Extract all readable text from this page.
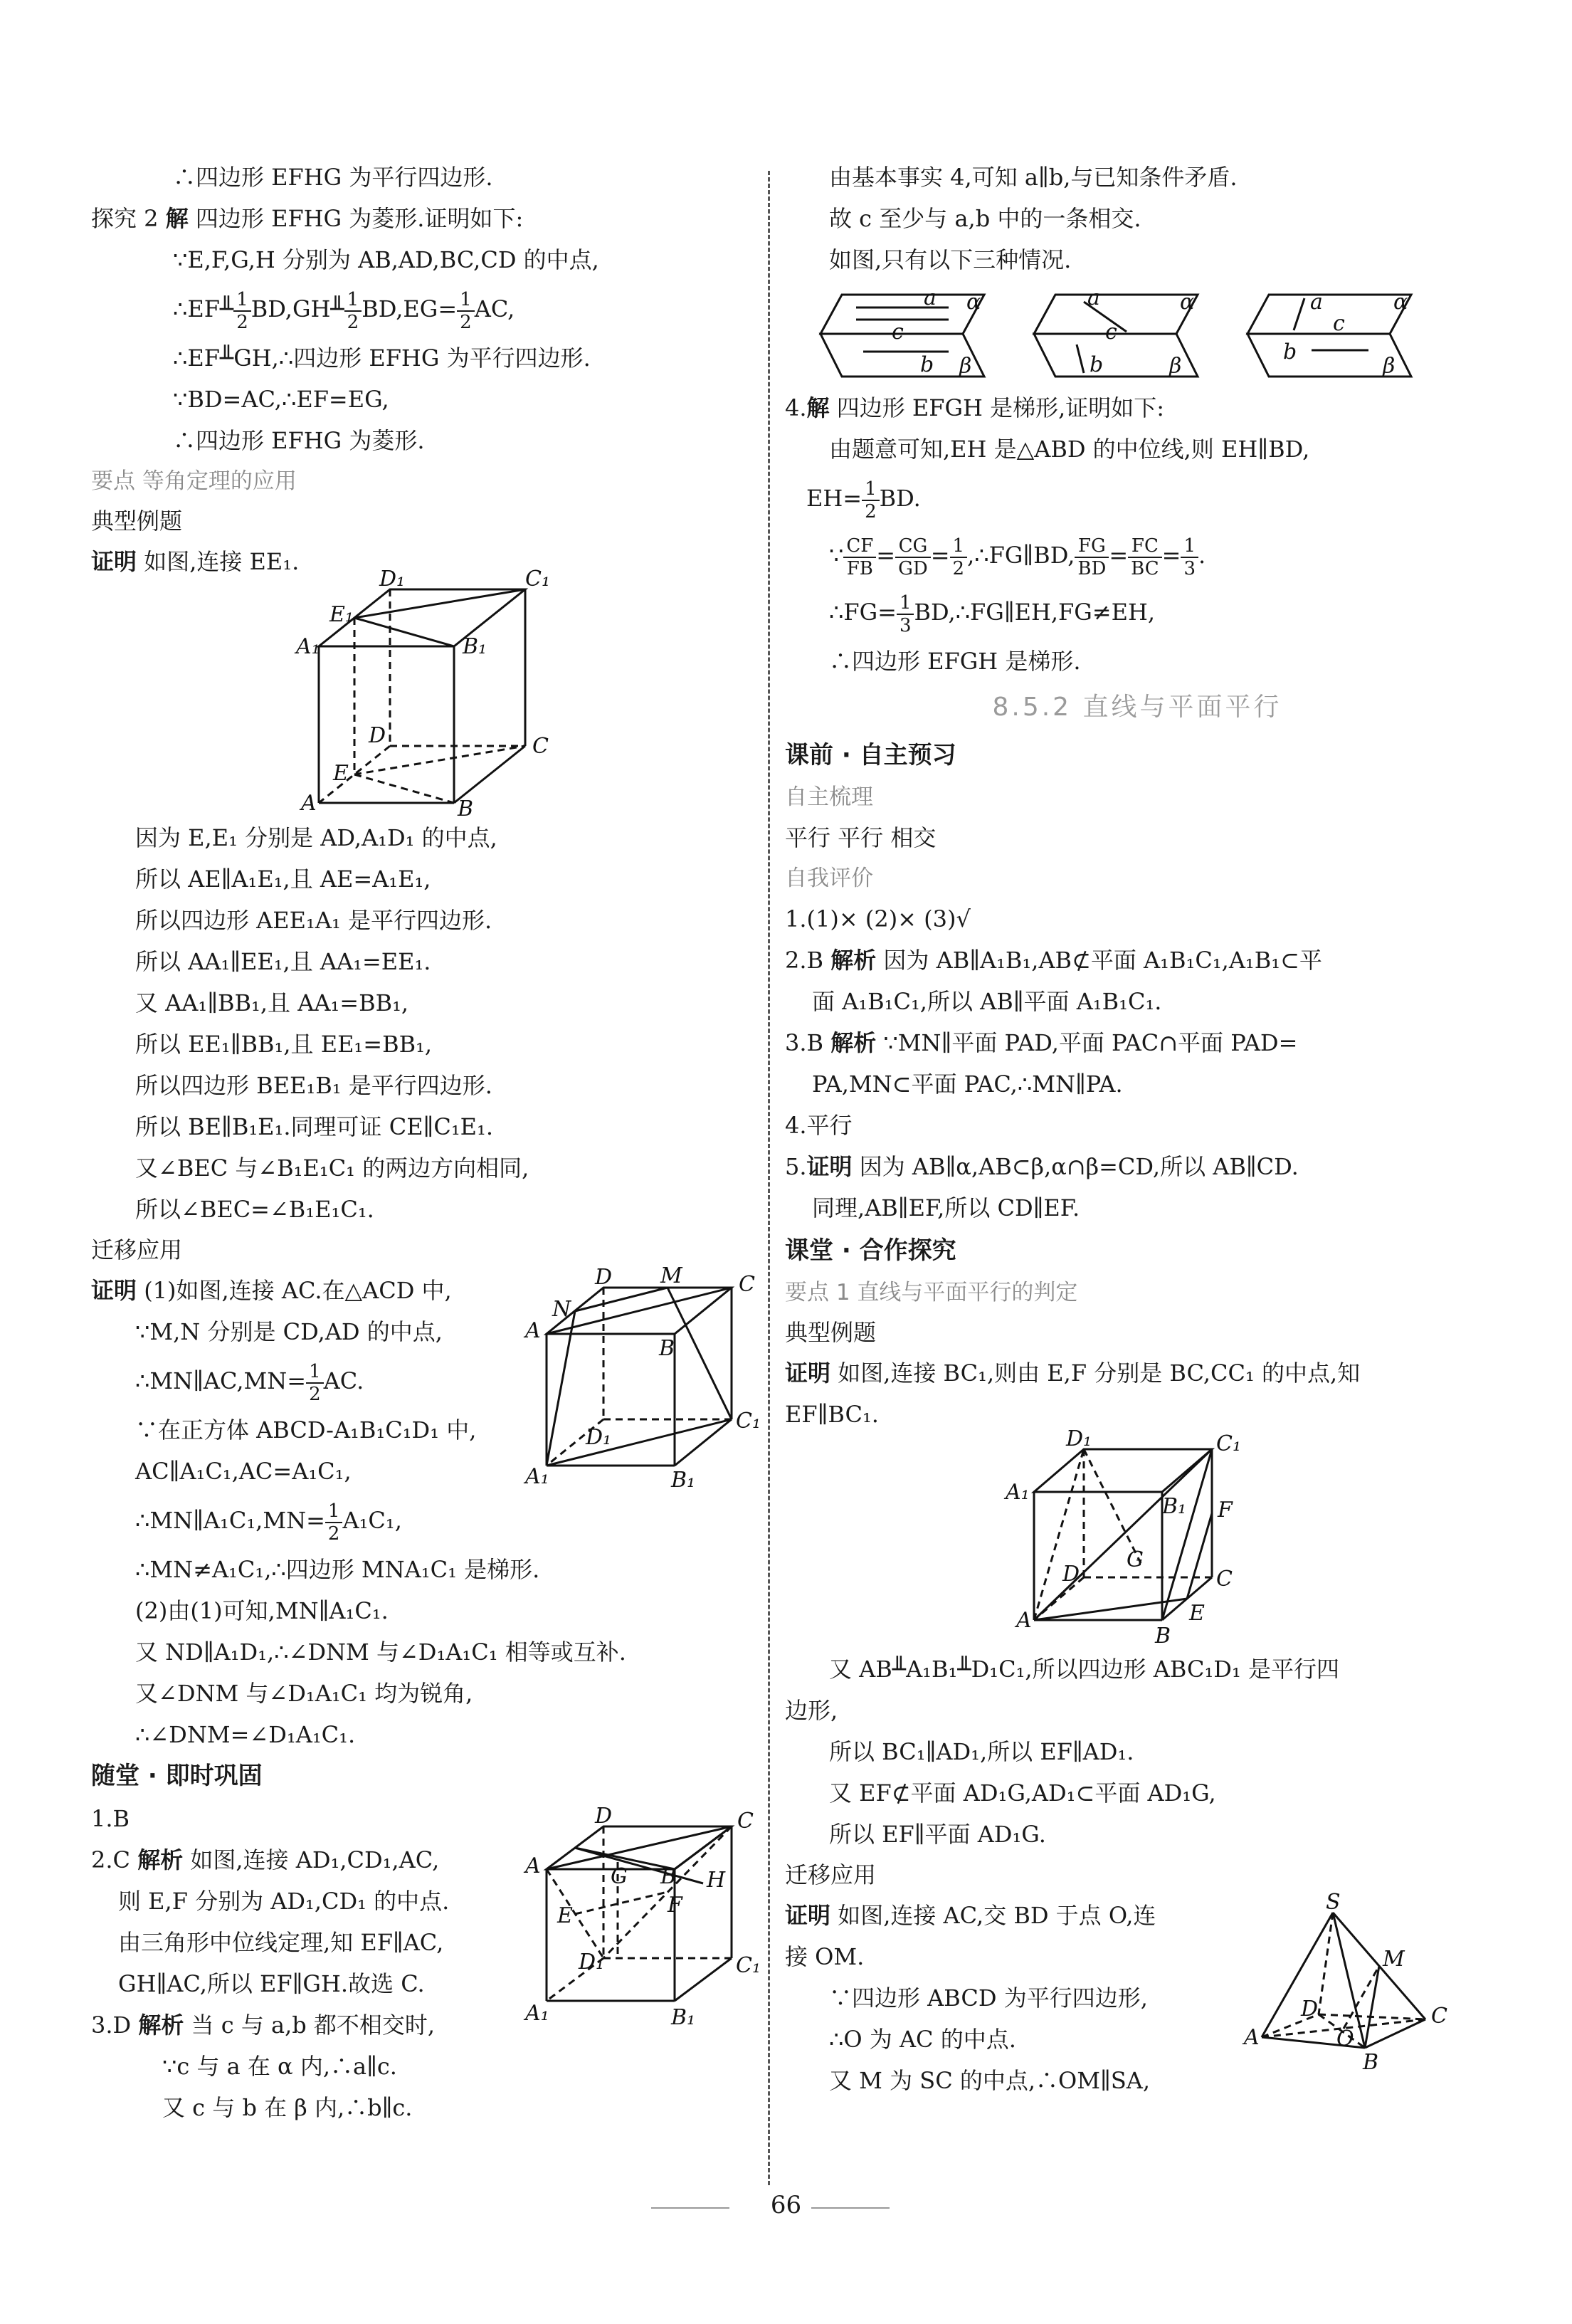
∴四边形 EFHG 为平行四边形.
探究 2 解 四边形 EFHG 为菱形.证明如下:
∵E,F,G,H 分别为 AB,AD,BC,CD 的中点,
∴EF╨ $\frac{1}{2}$ BD,GH╨ $\frac{1}{2} BD,EG= \frac{1}{2}$ AC,
∴EF╨GH,∴四边形 EFHG 为平行四边形.
∵BD=AC,∴EF=EG,
∴四边形 EFHG 为菱形.
要点 等角定理的应用
典型例题
证明 如图,连接 EE₁.
D₁	C₁
E₁
A₁	B₁
D	C
E
A	B
因为 E,E₁ 分别是 AD,A₁D₁ 的中点,
所以 AE∥A₁E₁,且 AE=A₁E₁,
所以四边形 AEE₁A₁ 是平行四边形.
所以 AA₁∥EE₁,且 AA₁=EE₁.
又 AA₁∥BB₁,且 AA₁=BB₁,
所以 EE₁∥BB₁,且 EE₁=BB₁,
所以四边形 BEE₁B₁ 是平行四边形.
所以 BE∥B₁E₁.同理可证 CE∥C₁E₁.
又∠BEC 与∠B₁E₁C₁ 的两边方向相同,
所以∠BEC=∠B₁E₁C₁.
迁移应用
证明 (1)如图,连接 AC.在△ACD 中,
∵M,N 分别是 CD,AD 的中点,
∴MN∥AC,MN= $\frac{1}{2}$ AC.
∵在正方体 ABCD-A₁B₁C₁D₁ 中,
AC∥A₁C₁,AC=A₁C₁,
∴MN∥A₁C₁,MN= $\frac{1}{2} A_1C_1$,
∴MN≠A₁C₁,∴四边形 MNA₁C₁ 是梯形.
(2)由(1)可知,MN∥A₁C₁.
又 ND∥A₁D₁,∴∠DNM 与∠D₁A₁C₁ 相等或互补.
又∠DNM 与∠D₁A₁C₁ 均为锐角,
∴∠DNM=∠D₁A₁C₁.
D M	C
N
A
B
D₁
C₁
A₁	B₁
随堂 · 即时巩固
1.B
2.C 解析 如图,连接 AD₁,CD₁,AC,
则 E,F 分别为 AD₁,CD₁ 的中点.
由三角形中位线定理,知 EF∥AC,
GH∥AC,所以 EF∥GH.故选 C.
3.D 解析 当 c 与 a,b 都不相交时,
∵c 与 a 在 α 内,∴a∥c.
又 c 与 b 在 β 内,∴b∥c.
D	C
A	G B H
E	F
D₁	C₁
A₁	B₁
由基本事实 4,可知 a∥b,与已知条件矛盾.
故 c 至少与 a,b 中的一条相交.
如图,只有以下三种情况.
a α
c
b β
a	α
c
b	β
a	α
c
b
β
4.解 四边形 EFGH 是梯形,证明如下:
由题意可知,EH 是△ABD 的中位线,则 EH∥BD,
$EH= \frac{1}{2}$ BD.
∵ $\frac{CF}{FB} = \frac{CG}{GD} = \frac{1}{2}$ ,∴FG∥BD, $\frac{FG}{BD} = \frac{FC}{BC} = \frac{1}{3}$ .
∴FG= $\frac{1}{3}$ BD,∴FG∥EH,FG≠EH,
∴四边形 EFGH 是梯形.
8.5.2 直线与平面平行
课前 · 自主预习
自主梳理
平行 平行 相交
自我评价
1.(1)× (2)× (3)√
2.B 解析 因为 AB∥A₁B₁,AB⊄平面 A₁B₁C₁,A₁B₁⊂平
面 A₁B₁C₁,所以 AB∥平面 A₁B₁C₁.
3.B 解析 ∵MN∥平面 PAD,平面 PAC∩平面 PAD=
PA,MN⊂平面 PAC,∴MN∥PA.
4.平行
5.证明 因为 AB∥α,AB⊂β,α∩β=CD,所以 AB∥CD.
同理,AB∥EF,所以 CD∥EF.
课堂 · 合作探究
要点 1 直线与平面平行的判定
典型例题
证明 如图,连接 BC₁,则由 E,F 分别是 BC,CC₁ 的中点,知
EF∥BC₁.
D₁	C₁
A₁
B₁ F
G
D	C
A	E
B
又 AB╨A₁B₁╨D₁C₁,所以四边形 ABC₁D₁ 是平行四
边形,
所以 BC₁∥AD₁,所以 EF∥AD₁.
又 EF⊄平面 AD₁G,AD₁⊂平面 AD₁G,
所以 EF∥平面 AD₁G.
迁移应用
证明 如图,连接 AC,交 BD 于点 O,连
接 OM.
∵四边形 ABCD 为平行四边形,
∴O 为 AC 的中点.
又 M 为 SC 的中点,∴OM∥SA,
S
M
D	C
A	O
B
66
